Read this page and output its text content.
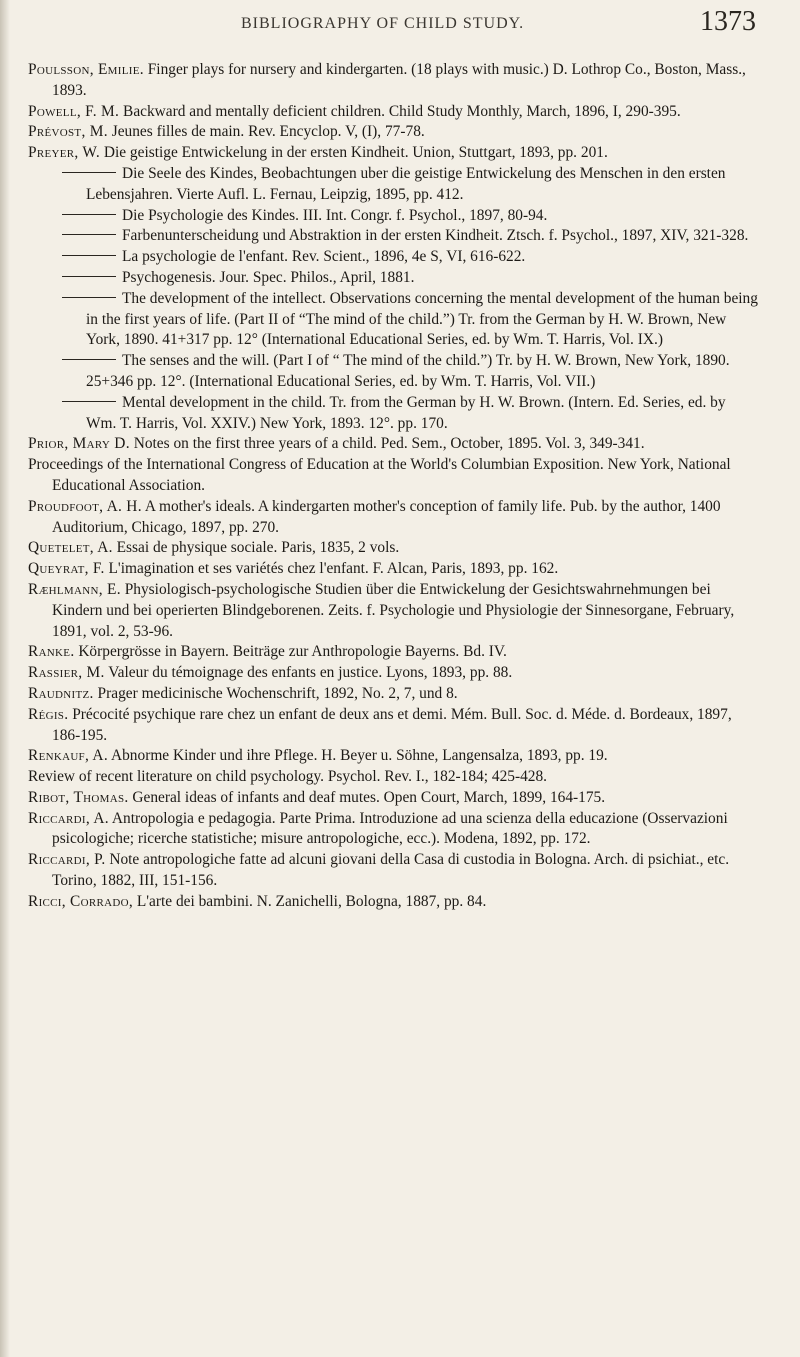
BIBLIOGRAPHY OF CHILD STUDY.	1373
Poulsson, Emilie. Finger plays for nursery and kindergarten. (18 plays with music.) D. Lothrop Co., Boston, Mass., 1893.
Powell, F. M. Backward and mentally deficient children. Child Study Monthly, March, 1896, I, 290-395.
Prévost, M. Jeunes filles de main. Rev. Encyclop. V, (I), 77-78.
Preyer, W. Die geistige Entwickelung in der ersten Kindheit. Union, Stuttgart, 1893, pp. 201.
Die Seele des Kindes, Beobachtungen uber die geistige Entwickelung des Menschen in den ersten Lebensjahren. Vierte Aufl. L. Fernau, Leipzig, 1895, pp. 412.
Die Psychologie des Kindes. III. Int. Congr. f. Psychol., 1897, 80-94.
Farbenunterscheidung und Abstraktion in der ersten Kindheit. Ztsch. f. Psychol., 1897, XIV, 321-328.
La psychologie de l'enfant. Rev. Scient., 1896, 4e S, VI, 616-622.
Psychogenesis. Jour. Spec. Philos., April, 1881.
The development of the intellect. Observations concerning the mental development of the human being in the first years of life. (Part II of “The mind of the child.”) Tr. from the German by H. W. Brown, New York, 1890. 41+317 pp. 12° (International Educational Series, ed. by Wm. T. Harris, Vol. IX.)
The senses and the will. (Part I of “ The mind of the child.”) Tr. by H. W. Brown, New York, 1890. 25+346 pp. 12°. (International Educational Series, ed. by Wm. T. Harris, Vol. VII.)
Mental development in the child. Tr. from the German by H. W. Brown. (Intern. Ed. Series, ed. by Wm. T. Harris, Vol. XXIV.) New York, 1893. 12°. pp. 170.
Prior, Mary D. Notes on the first three years of a child. Ped. Sem., October, 1895. Vol. 3, 349-341.
Proceedings of the International Congress of Education at the World's Columbian Exposition. New York, National Educational Association.
Proudfoot, A. H. A mother's ideals. A kindergarten mother's conception of family life. Pub. by the author, 1400 Auditorium, Chicago, 1897, pp. 270.
Quetelet, A. Essai de physique sociale. Paris, 1835, 2 vols.
Queyrat, F. L'imagination et ses variétés chez l'enfant. F. Alcan, Paris, 1893, pp. 162.
Ræhlmann, E. Physiologisch-psychologische Studien über die Entwickelung der Gesichtswahrnehmungen bei Kindern und bei operierten Blindgeborenen. Zeits. f. Psychologie und Physiologie der Sinnesorgane, February, 1891, vol. 2, 53-96.
Ranke. Körpergrösse in Bayern. Beiträge zur Anthropologie Bayerns. Bd. IV.
Rassier, M. Valeur du témoignage des enfants en justice. Lyons, 1893, pp. 88.
Raudnitz. Prager medicinische Wochenschrift, 1892, No. 2, 7, und 8.
Régis. Précocité psychique rare chez un enfant de deux ans et demi. Mém. Bull. Soc. d. Méde. d. Bordeaux, 1897, 186-195.
Renkauf, A. Abnorme Kinder und ihre Pflege. H. Beyer u. Söhne, Langensalza, 1893, pp. 19.
Review of recent literature on child psychology. Psychol. Rev. I., 182-184; 425-428.
Ribot, Thomas. General ideas of infants and deaf mutes. Open Court, March, 1899, 164-175.
Riccardi, A. Antropologia e pedagogia. Parte Prima. Introduzione ad una scienza della educazione (Osservazioni psicologiche; ricerche statistiche; misure antropologiche, ecc.). Modena, 1892, pp. 172.
Riccardi, P. Note antropologiche fatte ad alcuni giovani della Casa di custodia in Bologna. Arch. di psichiat., etc. Torino, 1882, III, 151-156.
Ricci, Corrado, L'arte dei bambini. N. Zanichelli, Bologna, 1887, pp. 84.
